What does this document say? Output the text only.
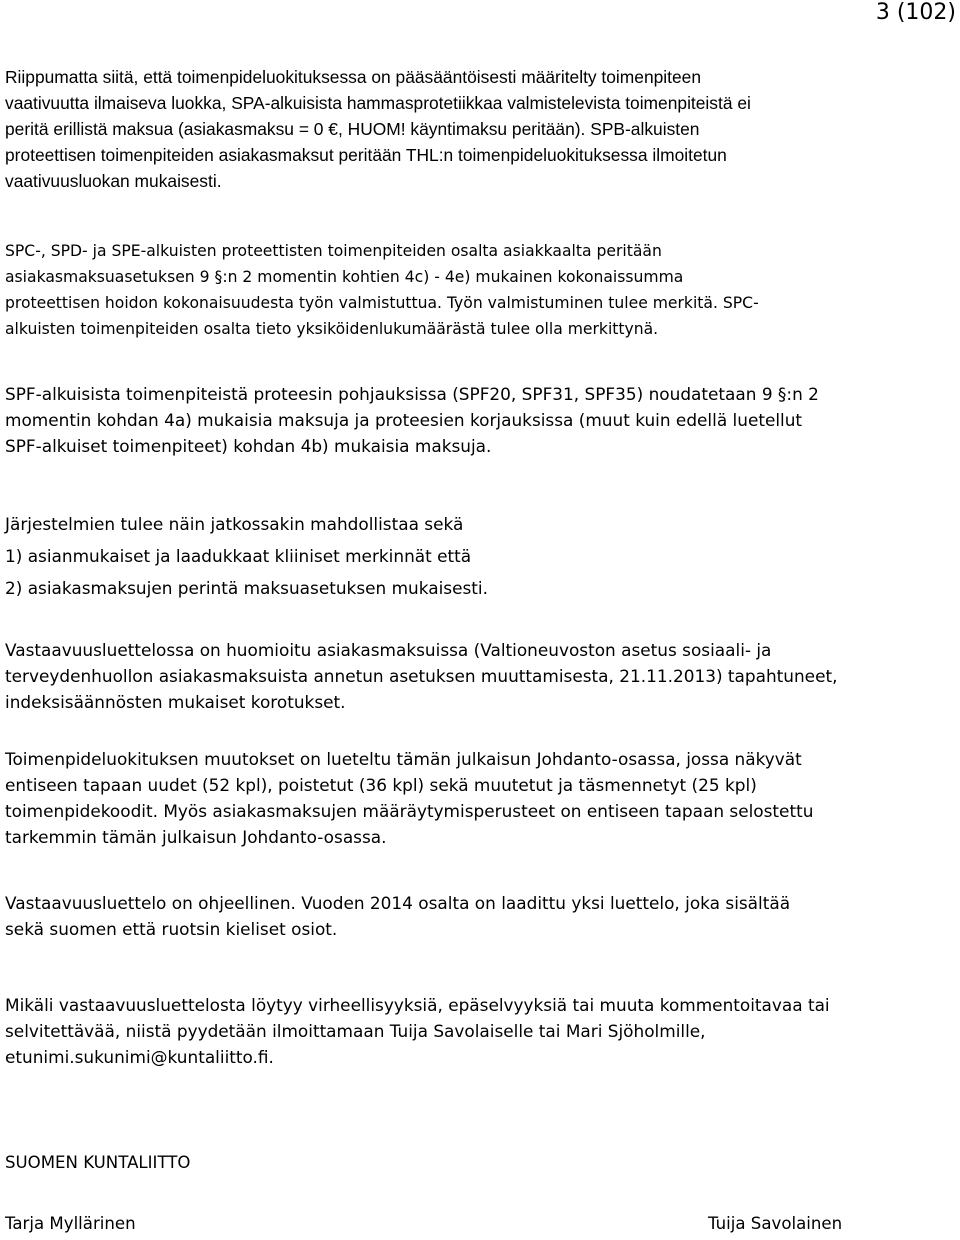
3 (102)

Riippumatta siitä, että toimenpideluokituksessa on pääsääntöisesti määritelty toimenpiteen
vaativuutta ilmaiseva luokka, SPA-alkuisista hammasprotetiikkaa valmistelevista toimenpiteistä ei
peritä erillistä maksua (asiakasmaksu = 0 €, HUOM! käyntimaksu peritään). SPB-alkuisten
proteettisen toimenpiteiden asiakasmaksut peritään THL:n toimenpideluokituksessa ilmoitetun
vaativuusluokan mukaisesti.

SPC-, SPD- ja SPE-alkuisten proteettisten toimenpiteiden osalta asiakkaalta peritään
asiakasmaksuasetuksen 9 §:n 2 momentin kohtien 4c) - 4e) mukainen kokonaissumma
proteettisen hoidon kokonaisuudesta työn valmistuttua. Työn valmistuminen tulee merkitä. SPC-
alkuisten toimenpiteiden osalta tieto yksiköidenlukumäärästä tulee olla merkittynä.

SPF-alkuisista toimenpiteistä proteesin pohjauksissa (SPF20, SPF31, SPF35) noudatetaan 9 §:n 2
momentin kohdan 4a) mukaisia maksuja ja proteesien korjauksissa (muut kuin edellä luetellut
SPF-alkuiset toimenpiteet) kohdan 4b) mukaisia maksuja.

Järjestelmien tulee näin jatkossakin mahdollistaa sekä

1) asianmukaiset ja laadukkaat kliiniset merkinnät että

2) asiakasmaksujen perintä maksuasetuksen mukaisesti.

Vastaavuusluettelossa on huomioitu asiakasmaksuissa (Valtioneuvoston asetus sosiaali- ja
terveydenhuollon asiakasmaksuista annetun asetuksen muuttamisesta, 21.11.2013) tapahtuneet,
indeksisäännösten mukaiset korotukset.

Toimenpideluokituksen muutokset on lueteltu tämän julkaisun Johdanto-osassa, jossa näkyvät
entiseen tapaan uudet (52 kpl), poistetut (36 kpl) sekä muutetut ja täsmennetyt (25 kpl)
toimenpidekoodit. Myös asiakasmaksujen määräytymisperusteet on entiseen tapaan selostettu
tarkemmin tämän julkaisun Johdanto-osassa.

Vastaavuusluettelo on ohjeellinen. Vuoden 2014 osalta on laadittu yksi luettelo, joka sisältää
sekä suomen että ruotsin kieliset osiot.

Mikäli vastaavuusluettelosta löytyy virheellisyyksiä, epäselvyyksiä tai muuta kommentoitavaa tai
selvitettävää, niistä pyydetään ilmoittamaan Tuija Savolaiselle tai Mari Sjöholmille,
etunimi.sukunimi@kuntaliitto.fi.

SUOMEN KUNTALIITTO
Tarja Myllärinen	Tuija Savolainen
